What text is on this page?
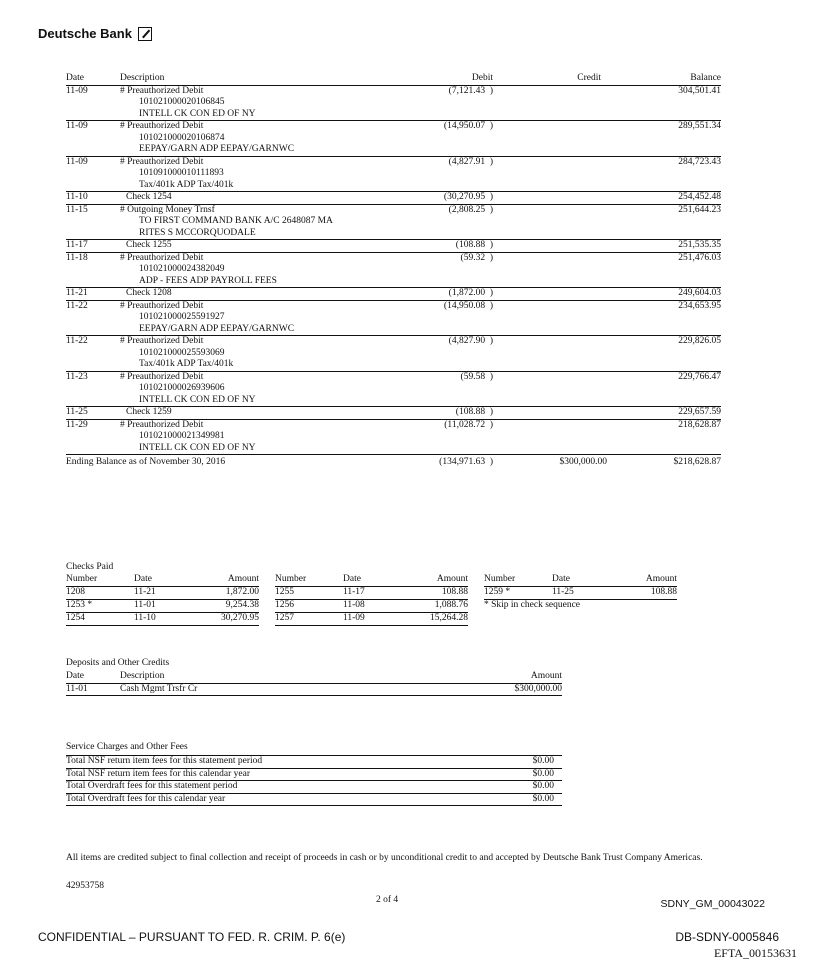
Deutsche Bank
Date	Description	Debit	Credit	Balance
11-09	# Preauthorized Debit	(7,121.43  )		304,501.41
	101021000020106845			
	INTELL CK CON ED OF NY			
11-09	# Preauthorized Debit	(14,950.07  )		289,551.34
	101021000020106874			
	EEPAY/GARN ADP EEPAY/GARNWC			
11-09	# Preauthorized Debit	(4,827.91  )		284,723.43
	101091000010111893			
	Tax/401k ADP Tax/401k			
11-10	Check 1254	(30,270.95  )		254,452.48
11-15	# Outgoing Money Trnsf	(2,808.25  )		251,644.23
	TO FIRST COMMAND BANK A/C 2648087 MA			
	RITES S MCCORQUODALE			
11-17	Check 1255	(108.88  )		251,535.35
11-18	# Preauthorized Debit	(59.32  )		251,476.03
	101021000024382049			
	ADP - FEES ADP PAYROLL FEES			
11-21	Check 1208	(1,872.00  )		249,604.03
11-22	# Preauthorized Debit	(14,950.08  )		234,653.95
	101021000025591927			
	EEPAY/GARN ADP EEPAY/GARNWC			
11-22	# Preauthorized Debit	(4,827.90  )		229,826.05
	101021000025593069			
	Tax/401k ADP Tax/401k			
11-23	# Preauthorized Debit	(59.58  )		229,766.47
	101021000026939606			
	INTELL CK CON ED OF NY			
11-25	Check 1259	(108.88  )		229,657.59
11-29	# Preauthorized Debit	(11,028.72  )		218,628.87
	101021000021349981			
	INTELL CK CON ED OF NY			
Ending Balance as of November 30, 2016		(134,971.63  )	$300,000.00	$218,628.87
Checks Paid
Number	Date	Amount
1208	11-21	1,872.00
1253 *	11-01	9,254.38
1254	11-10	30,270.95
Number	Date	Amount
1255	11-17	108.88
1256	11-08	1,088.76
1257	11-09	15,264.28
Number	Date	Amount
1259 *	11-25	108.88
* Skip in check sequence		
Deposits and Other Credits
Date	Description	Amount
11-01	Cash Mgmt Trsfr Cr	$300,000.00
Service Charges and Other Fees
Total NSF return item fees for this statement period	$0.00
Total NSF return item fees for this calendar year	$0.00
Total Overdraft fees for this statement period	$0.00
Total Overdraft fees for this calendar year	$0.00
All items are credited subject to final collection and receipt of proceeds in cash or by unconditional credit to and accepted by Deutsche Bank Trust Company Americas.
42953758
2 of 4	SDNY_GM_00043022
CONFIDENTIAL – PURSUANT TO FED. R. CRIM. P. 6(e)	DB-SDNY-0005846
EFTA_00153631
